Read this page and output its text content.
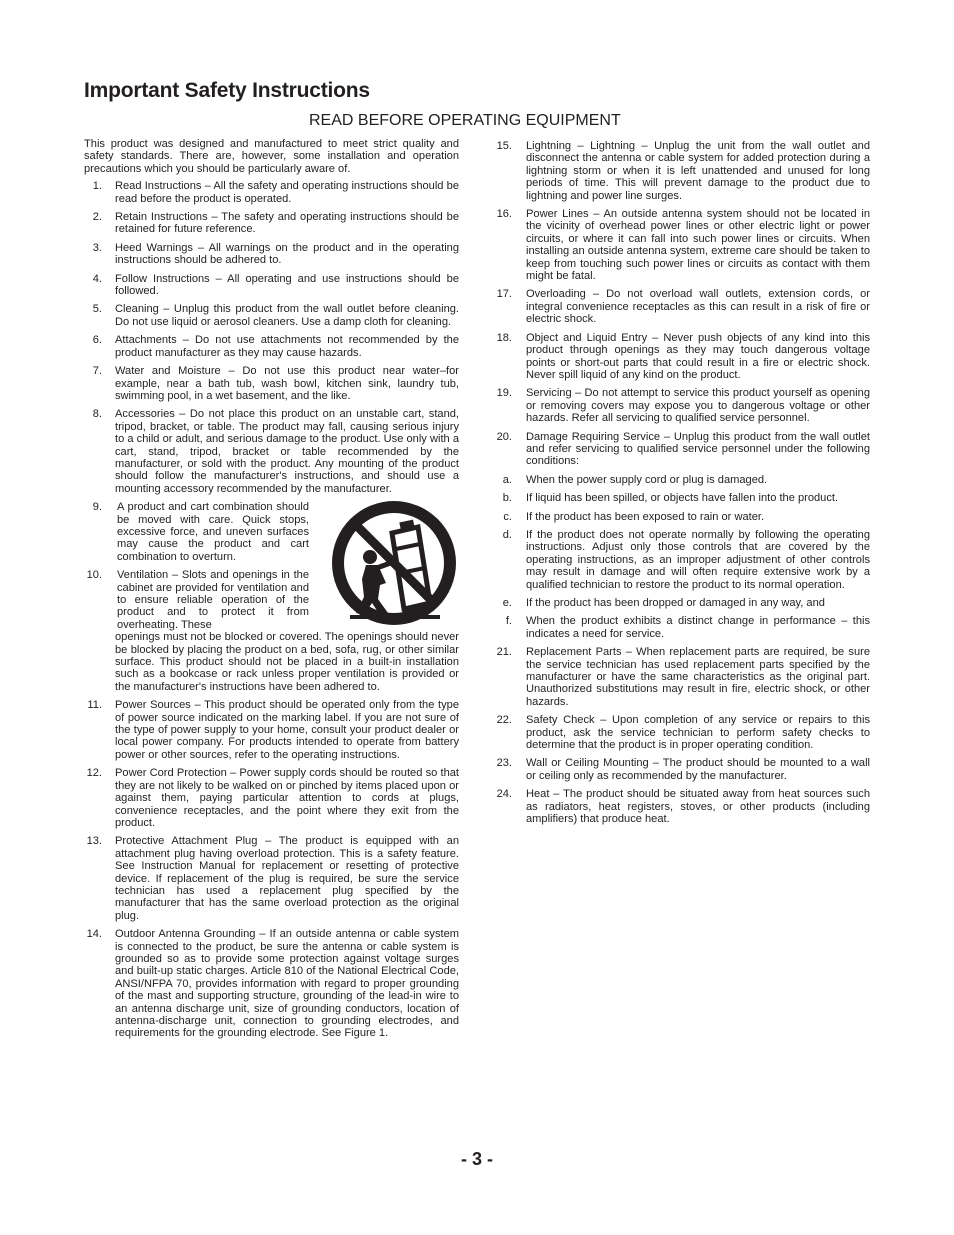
Important Safety Instructions
READ BEFORE OPERATING EQUIPMENT

This product was designed and manufactured to meet strict quality and safety standards. There are, however, some installation and operation precautions which you should be particularly aware of.

1. Read Instructions – All the safety and operating instructions should be read before the product is operated.

2. Retain Instructions – The safety and operating instructions should be retained for future reference.

3. Heed Warnings – All warnings on the product and in the operating instructions should be adhered to.

4. Follow Instructions – All operating and use instructions should be followed.

5. Cleaning – Unplug this product from the wall outlet before cleaning. Do not use liquid or aerosol cleaners. Use a damp cloth for cleaning.

6. Attachments – Do not use attachments not recommended by the product manufacturer as they may cause hazards.

7. Water and Moisture – Do not use this product near water–for example, near a bath tub, wash bowl, kitchen sink, laundry tub, swimming pool, in a wet basement, and the like.

8. Accessories – Do not place this product on an unstable cart, stand, tripod, bracket, or table. The product may fall, causing serious injury to a child or adult, and serious damage to the product. Use only with a cart, stand, tripod, bracket or table recommended by the manufacturer, or sold with the product. Any mounting of the product should follow the manufacturer's instructions, and should use a mounting accessory recommended by the manufacturer.

9. A product and cart combination should be moved with care. Quick stops, excessive force, and uneven surfaces may cause the product and cart combination to overturn.

10. Ventilation – Slots and openings in the cabinet are provided for ventilation and to ensure reliable operation of the product and to protect it from overheating. These

openings must not be blocked or covered. The openings should never be blocked by placing the product on a bed, sofa, rug, or other similar surface. This product should not be placed in a built-in installation such as a bookcase or rack unless proper ventilation is provided or the manufacturer's instructions have been adhered to.

11. Power Sources – This product should be operated only from the type of power source indicated on the marking label. If you are not sure of the type of power supply to your home, consult your product dealer or local power company. For products intended to operate from battery power or other sources, refer to the operating instructions.

12. Power Cord Protection – Power supply cords should be routed so that they are not likely to be walked on or pinched by items placed upon or against them, paying particular attention to cords at plugs, convenience receptacles, and the point where they exit from the product.

13. Protective Attachment Plug – The product is equipped with an attachment plug having overload protection. This is a safety feature. See Instruction Manual for replacement or resetting of protective device. If replacement of the plug is required, be sure the service technician has used a replacement plug specified by the manufacturer that has the same overload protection as the original plug.

14. Outdoor Antenna Grounding – If an outside antenna or cable system is connected to the product, be sure the antenna or cable system is grounded so as to provide some protection against voltage surges and built-up static charges. Article 810 of the National Electrical Code, ANSI/NFPA 70, provides information with regard to proper grounding of the mast and supporting structure, grounding of the lead-in wire to an antenna discharge unit, size of grounding conductors, location of antenna-discharge unit, connection to grounding electrodes, and requirements for the grounding electrode. See Figure 1.

15. Lightning – Lightning – Unplug the unit from the wall outlet and disconnect the antenna or cable system for added protection during a lightning storm or when it is left unattended and unused for long periods of time. This will prevent damage to the product due to lightning and power line surges.

16. Power Lines – An outside antenna system should not be located in the vicinity of overhead power lines or other electric light or power circuits, or where it can fall into such power lines or circuits. When installing an outside antenna system, extreme care should be taken to keep from touching such power lines or circuits as contact with them might be fatal.

17. Overloading – Do not overload wall outlets, extension cords, or integral convenience receptacles as this can result in a risk of fire or electric shock.

18. Object and Liquid Entry – Never push objects of any kind into this product through openings as they may touch dangerous voltage points or short-out parts that could result in a fire or electric shock. Never spill liquid of any kind on the product.

19. Servicing – Do not attempt to service this product yourself as opening or removing covers may expose you to dangerous voltage or other hazards. Refer all servicing to qualified service personnel.

20. Damage Requiring Service – Unplug this product from the wall outlet and refer servicing to qualified service personnel under the following conditions:

a. When the power supply cord or plug is damaged.

b. If liquid has been spilled, or objects have fallen into the product.

c. If the product has been exposed to rain or water.

d. If the product does not operate normally by following the operating instructions. Adjust only those controls that are covered by the operating instructions, as an improper adjustment of other controls may result in damage and will often require extensive work by a qualified technician to restore the product to its normal operation.

e. If the product has been dropped or damaged in any way, and

f. When the product exhibits a distinct change in performance – this indicates a need for service.

21. Replacement Parts – When replacement parts are required, be sure the service technician has used replacement parts specified by the manufacturer or have the same characteristics as the original part. Unauthorized substitutions may result in fire, electric shock, or other hazards.

22. Safety Check – Upon completion of any service or repairs to this product, ask the service technician to perform safety checks to determine that the product is in proper operating condition.

23. Wall or Ceiling Mounting – The product should be mounted to a wall or ceiling only as recommended by the manufacturer.

24. Heat – The product should be situated away from heat sources such as radiators, heat registers, stoves, or other products (including amplifiers) that produce heat.

- 3 -
